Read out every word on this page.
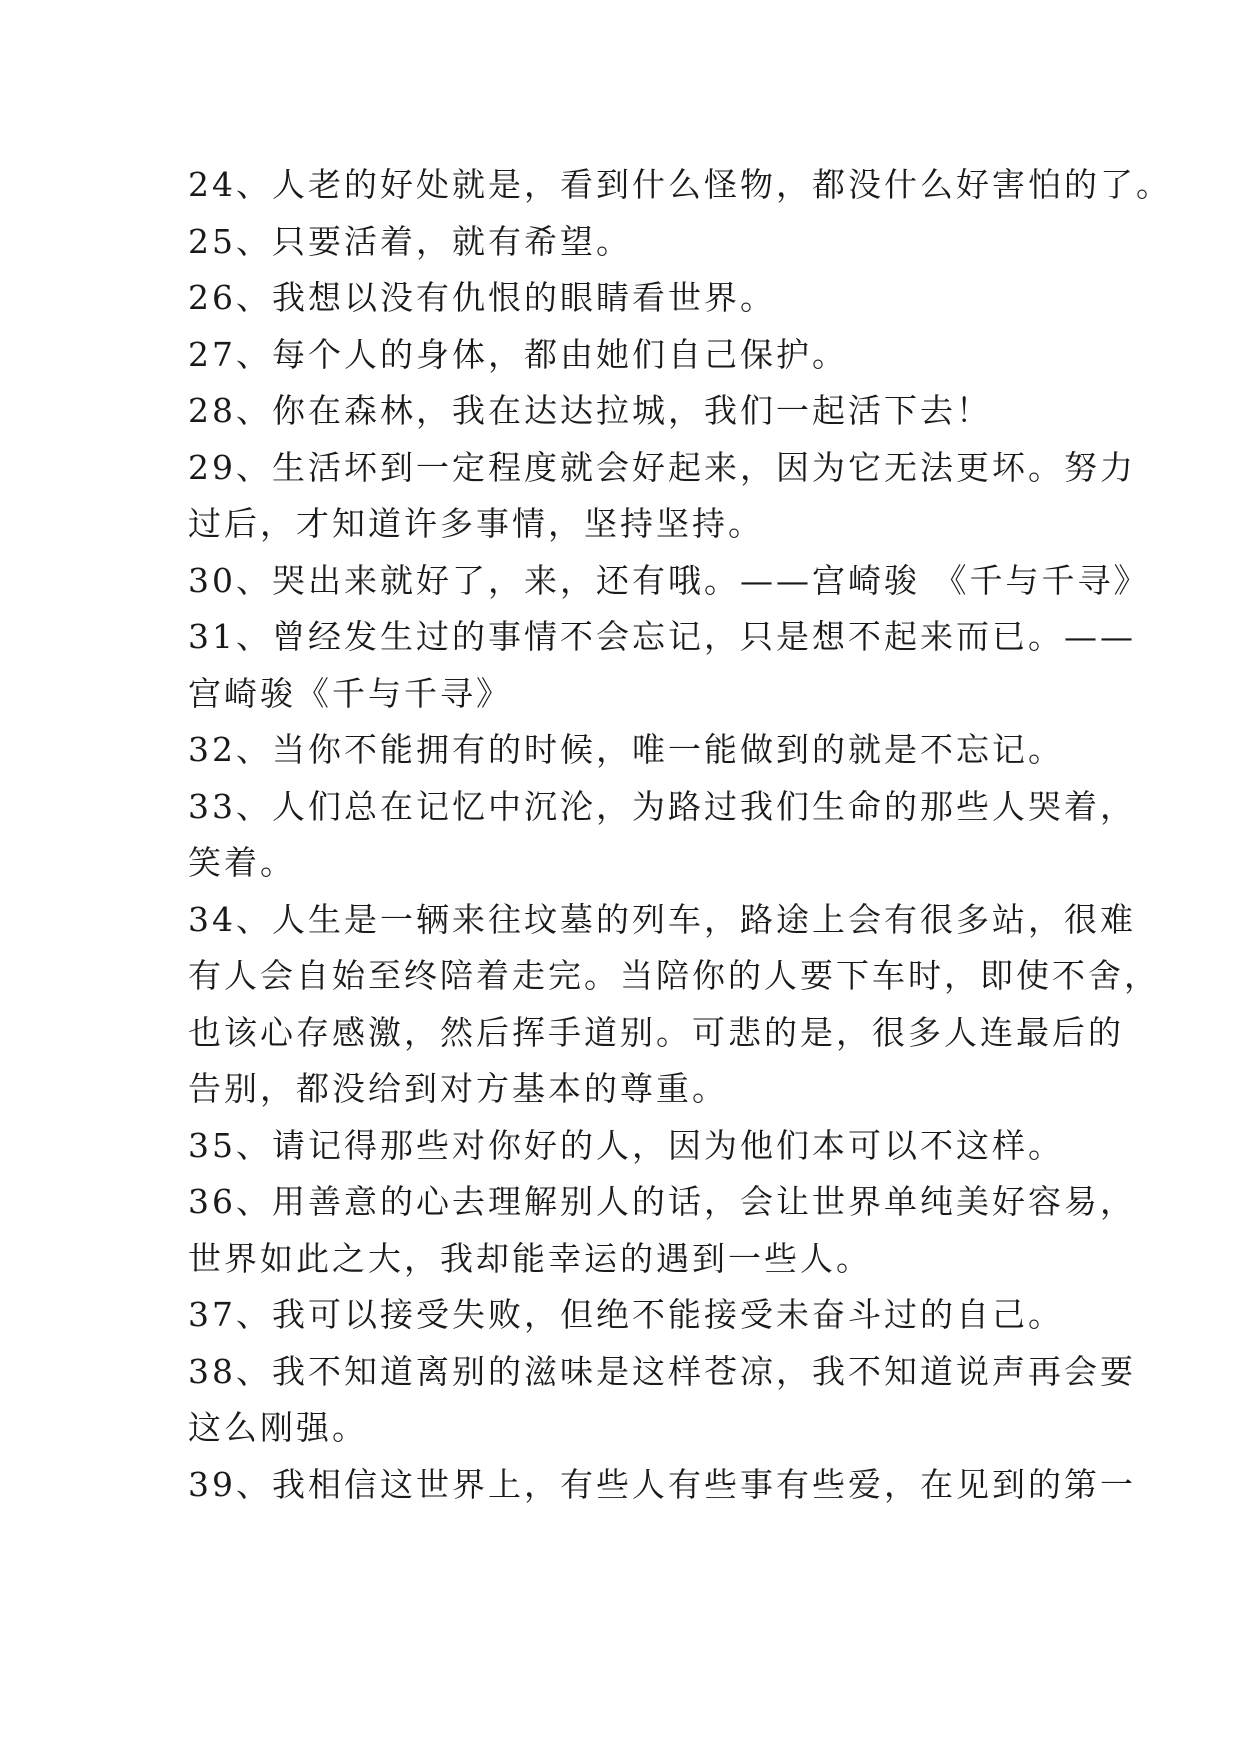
24、人老的好处就是，看到什么怪物，都没什么好害怕的了。
25、只要活着，就有希望。
26、我想以没有仇恨的眼睛看世界。
27、每个人的身体，都由她们自己保护。
28、你在森林，我在达达拉城，我们一起活下去！
29、生活坏到一定程度就会好起来，因为它无法更坏。努力
过后，才知道许多事情，坚持坚持。
30、哭出来就好了，来，还有哦。——宫崎骏 《千与千寻》
31、曾经发生过的事情不会忘记，只是想不起来而已。——
宫崎骏《千与千寻》
32、当你不能拥有的时候，唯一能做到的就是不忘记。
33、人们总在记忆中沉沦，为路过我们生命的那些人哭着，
笑着。
34、人生是一辆来往坟墓的列车，路途上会有很多站，很难
有人会自始至终陪着走完。当陪你的人要下车时，即使不舍，
也该心存感激，然后挥手道别。可悲的是，很多人连最后的
告别，都没给到对方基本的尊重。
35、请记得那些对你好的人，因为他们本可以不这样。
36、用善意的心去理解别人的话，会让世界单纯美好容易，
世界如此之大，我却能幸运的遇到一些人。
37、我可以接受失败，但绝不能接受未奋斗过的自己。
38、我不知道离别的滋味是这样苍凉，我不知道说声再会要
这么刚强。
39、我相信这世界上，有些人有些事有些爱，在见到的第一
